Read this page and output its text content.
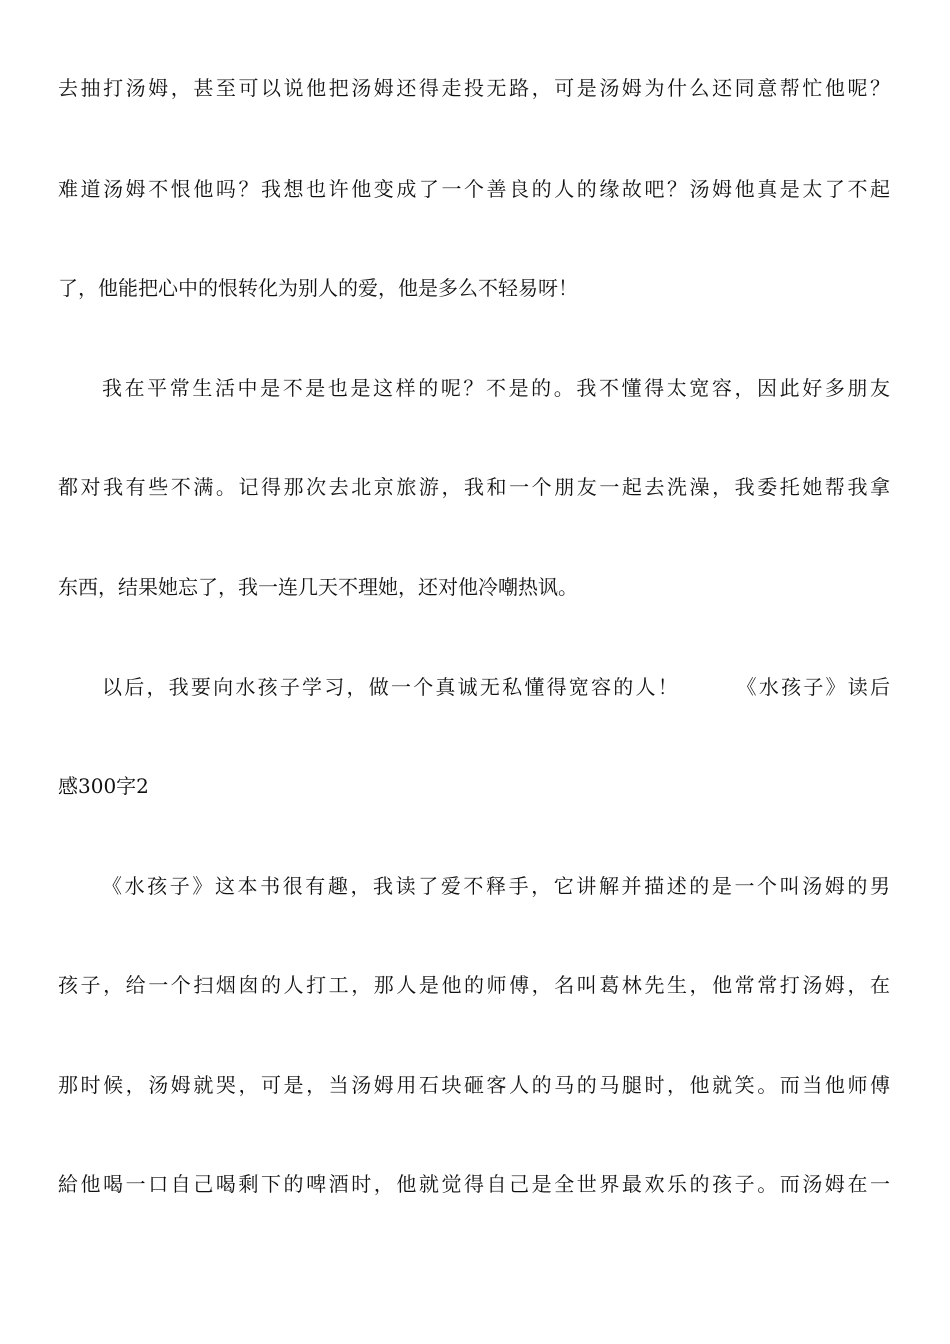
去抽打汤姆，甚至可以说他把汤姆还得走投无路，可是汤姆为什么还同意帮忙他呢？
难道汤姆不恨他吗？我想也许他变成了一个善良的人的缘故吧？汤姆他真是太了不起
了，他能把心中的恨转化为别人的爱，他是多么不轻易呀！
我在平常生活中是不是也是这样的呢？不是的。我不懂得太宽容，因此好多朋友
都对我有些不满。记得那次去北京旅游，我和一个朋友一起去洗澡，我委托她帮我拿
东西，结果她忘了，我一连几天不理她，还对他冷嘲热讽。
以后，我要向水孩子学习，做一个真诚无私懂得宽容的人！　　　《水孩子》读后
感300字2
《水孩子》这本书很有趣，我读了爱不释手，它讲解并描述的是一个叫汤姆的男
孩子，给一个扫烟囱的人打工，那人是他的师傅，名叫葛林先生，他常常打汤姆，在
那时候，汤姆就哭，可是，当汤姆用石块砸客人的马的马腿时，他就笑。而当他师傅
給他喝一口自己喝剩下的啤酒时，他就觉得自己是全世界最欢乐的孩子。而汤姆在一
